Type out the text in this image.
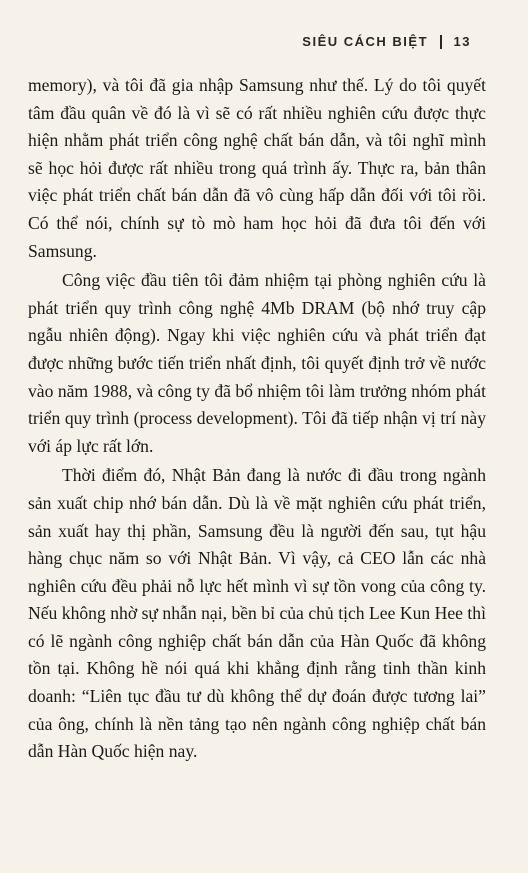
SIÊU CÁCH BIỆT 13

memory), và tôi đã gia nhập Samsung như thế. Lý do tôi quyết tâm đầu quân về đó là vì sẽ có rất nhiều nghiên cứu được thực hiện nhằm phát triển công nghệ chất bán dẫn, và tôi nghĩ mình sẽ học hỏi được rất nhiều trong quá trình ấy. Thực ra, bản thân việc phát triển chất bán dẫn đã vô cùng hấp dẫn đối với tôi rồi. Có thể nói, chính sự tò mò ham học hỏi đã đưa tôi đến với Samsung.

Công việc đầu tiên tôi đảm nhiệm tại phòng nghiên cứu là phát triển quy trình công nghệ 4Mb DRAM (bộ nhớ truy cập ngẫu nhiên động). Ngay khi việc nghiên cứu và phát triển đạt được những bước tiến triển nhất định, tôi quyết định trở về nước vào năm 1988, và công ty đã bổ nhiệm tôi làm trưởng nhóm phát triển quy trình (process development). Tôi đã tiếp nhận vị trí này với áp lực rất lớn.

Thời điểm đó, Nhật Bản đang là nước đi đầu trong ngành sản xuất chip nhớ bán dẫn. Dù là về mặt nghiên cứu phát triển, sản xuất hay thị phần, Samsung đều là người đến sau, tụt hậu hàng chục năm so với Nhật Bản. Vì vậy, cả CEO lẫn các nhà nghiên cứu đều phải nỗ lực hết mình vì sự tồn vong của công ty. Nếu không nhờ sự nhẫn nại, bền bỉ của chủ tịch Lee Kun Hee thì có lẽ ngành công nghiệp chất bán dẫn của Hàn Quốc đã không tồn tại. Không hề nói quá khi khẳng định rằng tinh thần kinh doanh: “Liên tục đầu tư dù không thể dự đoán được tương lai” của ông, chính là nền tảng tạo nên ngành công nghiệp chất bán dẫn Hàn Quốc hiện nay.
